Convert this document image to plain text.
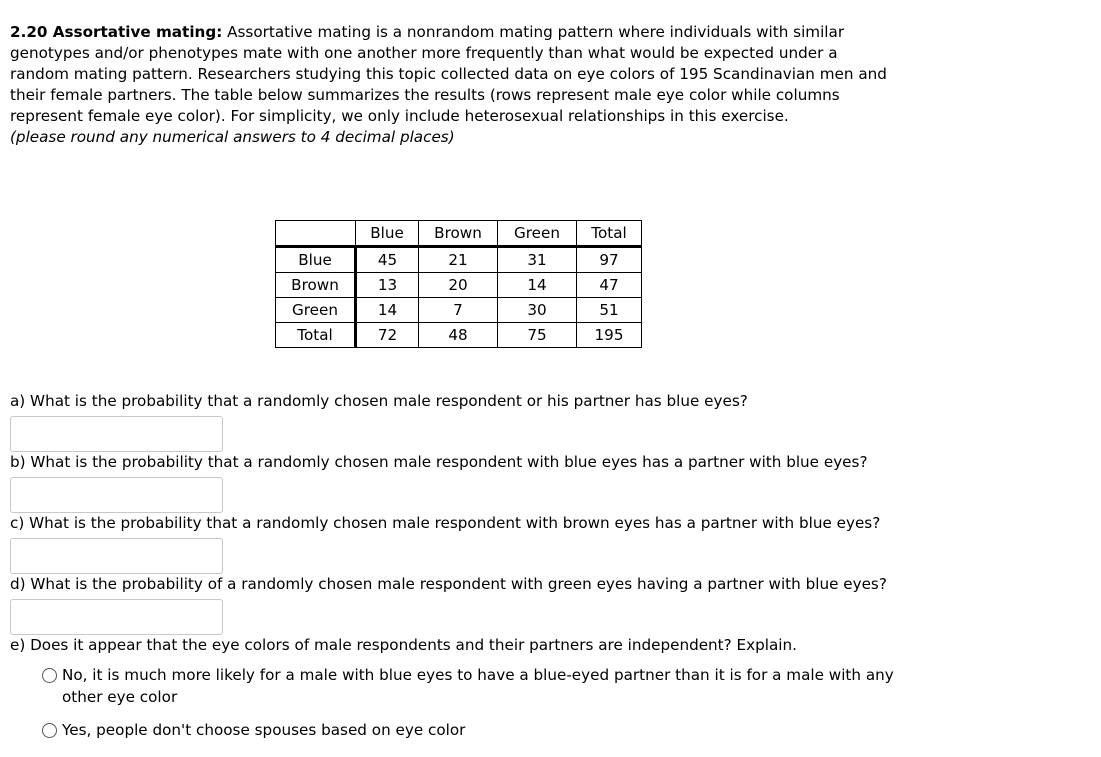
2.20 Assortative mating: Assortative mating is a nonrandom mating pattern where individuals with similar genotypes and/or phenotypes mate with one another more frequently than what would be expected under a random mating pattern. Researchers studying this topic collected data on eye colors of 195 Scandinavian men and their female partners. The table below summarizes the results (rows represent male eye color while columns represent female eye color). For simplicity, we only include heterosexual relationships in this exercise.
(please round any numerical answers to 4 decimal places)
	Blue	Brown	Green	Total
Blue	45	21	31	97
Brown	13	20	14	47
Green	14	7	30	51
Total	72	48	75	195
a) What is the probability that a randomly chosen male respondent or his partner has blue eyes?
b) What is the probability that a randomly chosen male respondent with blue eyes has a partner with blue eyes?
c) What is the probability that a randomly chosen male respondent with brown eyes has a partner with blue eyes?
d) What is the probability of a randomly chosen male respondent with green eyes having a partner with blue eyes?
e) Does it appear that the eye colors of male respondents and their partners are independent? Explain.
No, it is much more likely for a male with blue eyes to have a blue-eyed partner than it is for a male with any other eye color
Yes, people don't choose spouses based on eye color
